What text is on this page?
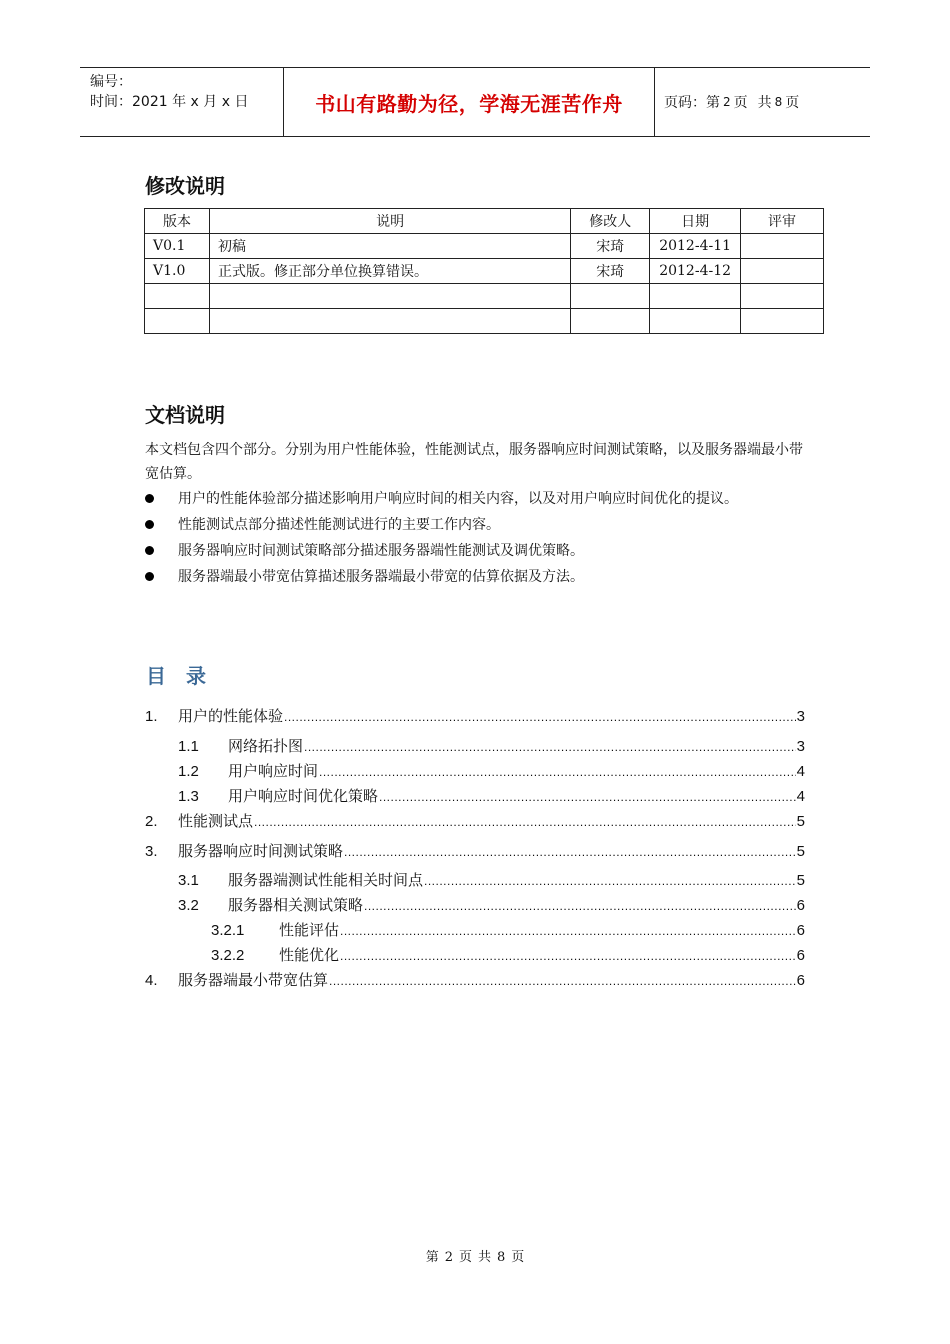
编号：
时间：2021 年 x 月 x 日	书山有路勤为径，学海无涯苦作舟	页码：第 2 页 共 8 页
修改说明
版本	说明	修改人	日期	评审
V0.1	初稿	宋琦	2012-4-11	
V1.0	正式版。修正部分单位换算错误。	宋琦	2012-4-12	

文档说明
本文档包含四个部分。分别为用户性能体验，性能测试点，服务器响应时间测试策略，以及服务器端最小带宽估算。
用户的性能体验部分描述影响用户响应时间的相关内容，以及对用户响应时间优化的提议。
性能测试点部分描述性能测试进行的主要工作内容。
服务器响应时间测试策略部分描述服务器端性能测试及调优策略。
服务器端最小带宽估算描述服务器端最小带宽的估算依据及方法。
目 录
1.	用户的性能体验 .....	3
1.1	网络拓扑图 .....	3
1.2	用户响应时间 .....	4
1.3	用户响应时间优化策略 .....	4
2.	性能测试点 .....	5
3.	服务器响应时间测试策略 .....	5
3.1	服务器端测试性能相关时间点 .....	5
3.2	服务器相关测试策略 .....	6
3.2.1	性能评估 .....	6
3.2.2	性能优化 .....	6
4.	服务器端最小带宽估算 .....	6
第 2 页 共 8 页
